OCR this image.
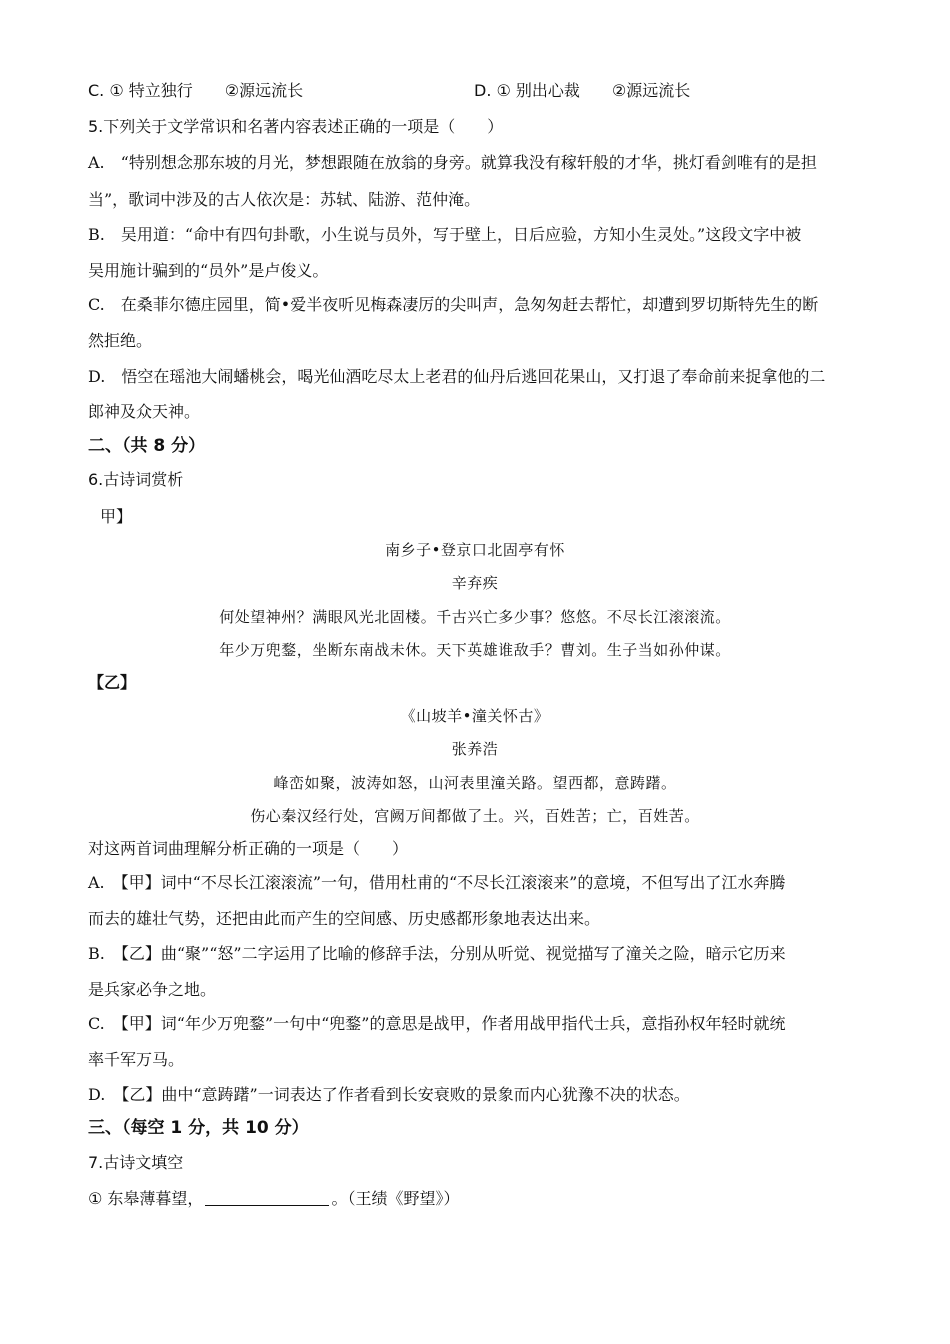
C. ① 特立独行　　②源远流长	D. ① 别出心裁　　②源远流长
5.下列关于文学常识和名著内容表述正确的一项是（　　）
A.　“特别想念那东坡的月光，梦想跟随在放翁的身旁。就算我没有稼轩般的才华，挑灯看剑唯有的是担
当”，歌词中涉及的古人依次是：苏轼、陆游、范仲淹。
B.　吴用道：“命中有四句卦歌，小生说与员外，写于壁上，日后应验，方知小生灵处。”这段文字中被
吴用施计骗到的“员外”是卢俊义。
C.　在桑菲尔德庄园里，简•爱半夜听见梅森凄厉的尖叫声，急匆匆赶去帮忙，却遭到罗切斯特先生的断
然拒绝。
D.　悟空在瑶池大闹蟠桃会，喝光仙酒吃尽太上老君的仙丹后逃回花果山，又打退了奉命前来捉拿他的二
郎神及众天神。
二、（共 8 分）
6.古诗词赏析
甲】
南乡子•登京口北固亭有怀
辛弃疾
何处望神州？满眼风光北固楼。千古兴亡多少事？悠悠。不尽长江滚滚流。
年少万兜鍪，坐断东南战未休。天下英雄谁敌手？曹刘。生子当如孙仲谋。
【乙】
《山坡羊•潼关怀古》
张养浩
峰峦如聚，波涛如怒，山河表里潼关路。望西都，意踌躇。
伤心秦汉经行处，宫阙万间都做了土。兴，百姓苦；亡，百姓苦。
对这两首词曲理解分析正确的一项是（　　）
A.　【甲】词中“不尽长江滚滚流”一句，借用杜甫的“不尽长江滚滚来”的意境，不但写出了江水奔腾
而去的雄壮气势，还把由此而产生的空间感、历史感都形象地表达出来。
B.　【乙】曲“聚”“怒”二字运用了比喻的修辞手法，分别从听觉、视觉描写了潼关之险，暗示它历来
是兵家必争之地。
C.　【甲】词“年少万兜鍪”一句中“兜鍪”的意思是战甲，作者用战甲指代士兵，意指孙权年轻时就统
率千军万马。
D.　【乙】曲中“意踌躇”一词表达了作者看到长安衰败的景象而内心犹豫不决的状态。
三、（每空 1 分，共 10 分）
7.古诗文填空
① 东皋薄暮望，	。（王绩《野望》）
